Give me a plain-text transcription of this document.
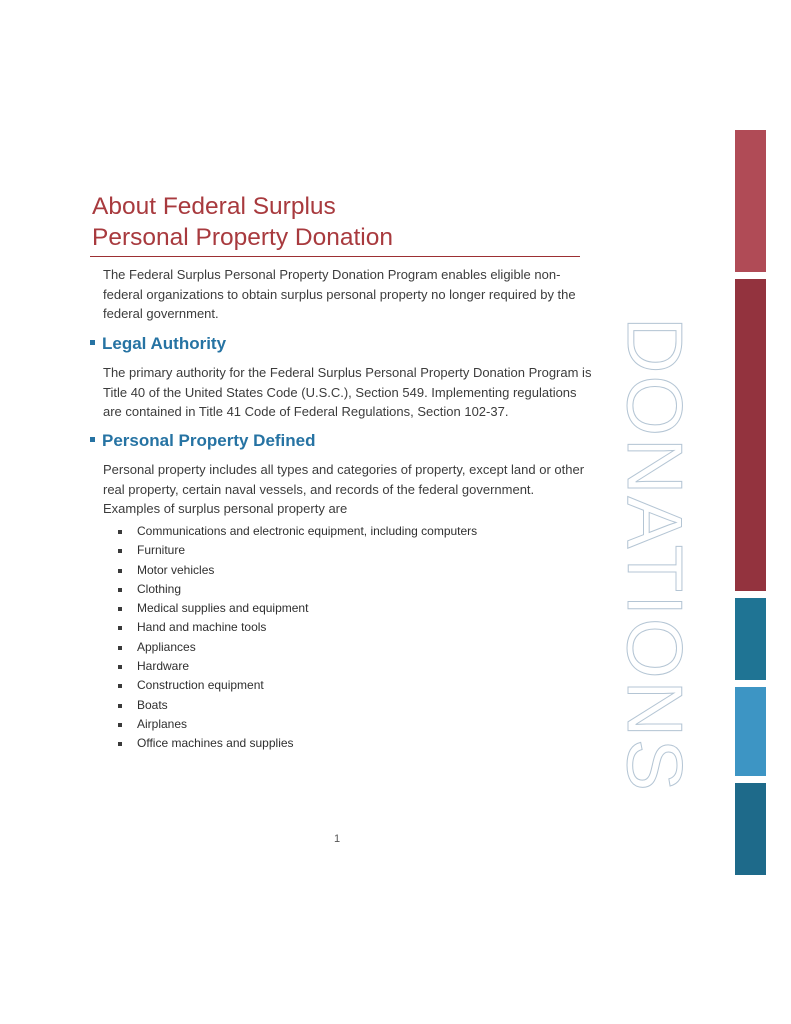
About Federal Surplus
Personal Property Donation

The Federal Surplus Personal Property Donation Program enables eligible non-federal organizations to obtain surplus personal property no longer required by the federal government.

Legal Authority

The primary authority for the Federal Surplus Personal Property Donation Program is Title 40 of the United States Code (U.S.C.), Section 549. Implementing regulations are contained in Title 41 Code of Federal Regulations, Section 102-37.

Personal Property Defined

Personal property includes all types and categories of property, except land or other real property, certain naval vessels, and records of the federal government. Examples of surplus personal property are

Communications and electronic equipment, including computers
Furniture
Motor vehicles
Clothing
Medical supplies and equipment
Hand and machine tools
Appliances
Hardware
Construction equipment
Boats
Airplanes
Office machines and supplies
1
DONATIONS
